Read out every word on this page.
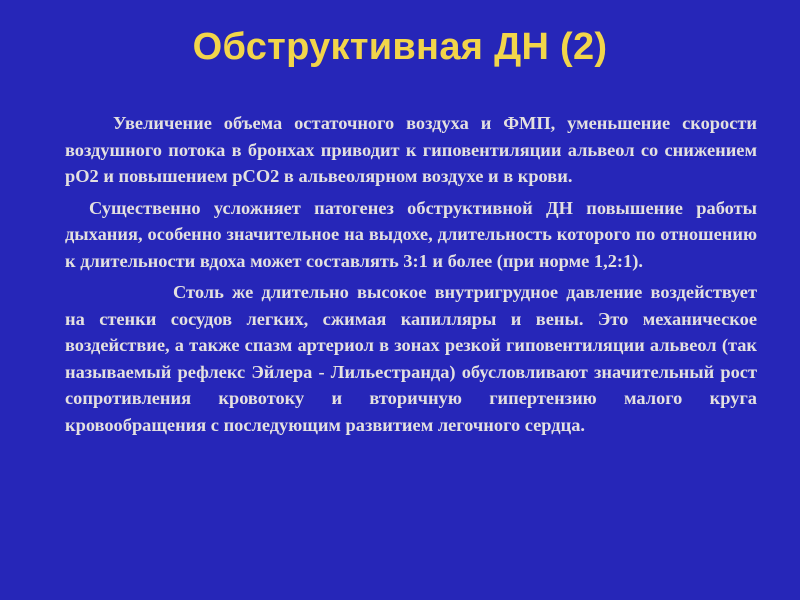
Обструктивная ДН (2)

Увеличение объема остаточного воздуха и ФМП, уменьшение скорости воздушного потока в бронхах приводит к гиповентиляции альвеол со снижением рО2 и повышением рСО2 в альвеолярном воздухе и в крови.

Существенно усложняет патогенез обструктивной ДН повышение работы дыхания, особенно значительное на выдохе, длительность которого по отношению к длительности вдоха может составлять 3:1 и более (при норме 1,2:1).

Столь же длительно высокое внутригрудное давление воздействует на стенки сосудов легких, сжимая капилляры и вены. Это механическое воздействие, а также спазм артериол в зонах резкой гиповентиляции альвеол (так называемый рефлекс Эйлера - Лильестранда) обусловливают значительный рост сопротивления кровотоку и вторичную гипертензию малого круга кровообращения с последующим развитием легочного сердца.
